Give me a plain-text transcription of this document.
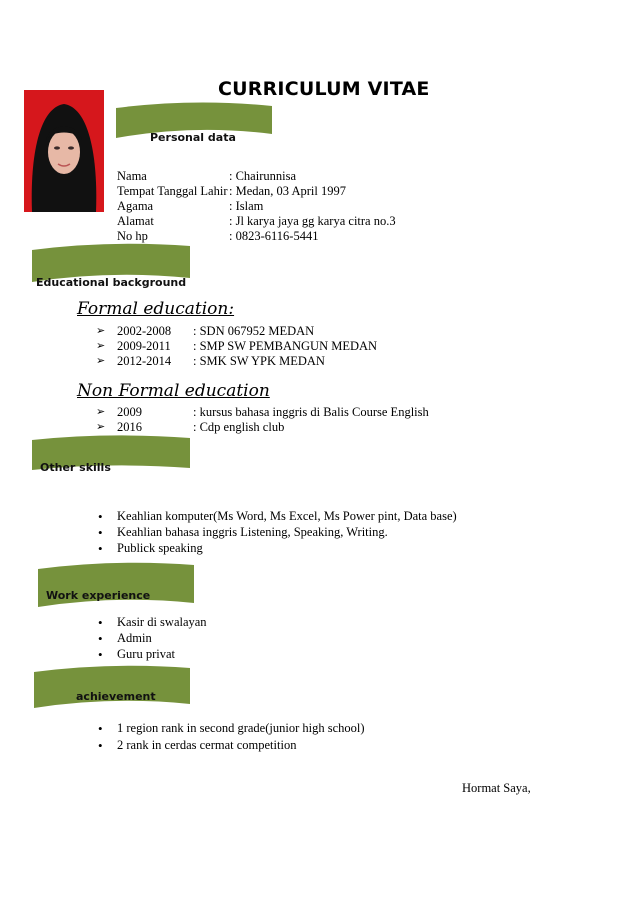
CURRICULUM VITAE
Personal data
Nama	: Chairunnisa
Tempat Tanggal Lahir : Medan, 03 April 1997
Agama	: Islam
Alamat	: Jl karya jaya gg karya citra no.3
No hp	: 0823-6116-5441
Educational background
Formal education:
➢ 2002-2008 : SDN 067952 MEDAN
➢ 2009-2011 : SMP SW PEMBANGUN MEDAN
➢ 2012-2014 : SMK SW YPK MEDAN
Non Formal education
➢ 2009	: kursus bahasa inggris di Balis Course English
➢ 2016	: Cdp english club
Other skills
• Keahlian komputer(Ms Word, Ms Excel, Ms Power pint, Data base)
• Keahlian bahasa inggris Listening, Speaking, Writing.
• Publick speaking
• Kasir di swalayan
• Admin
• Guru privat
• 1 region rank in second grade(junior high school)
• 2 rank in cerdas cermat competition
Hormat Saya,
